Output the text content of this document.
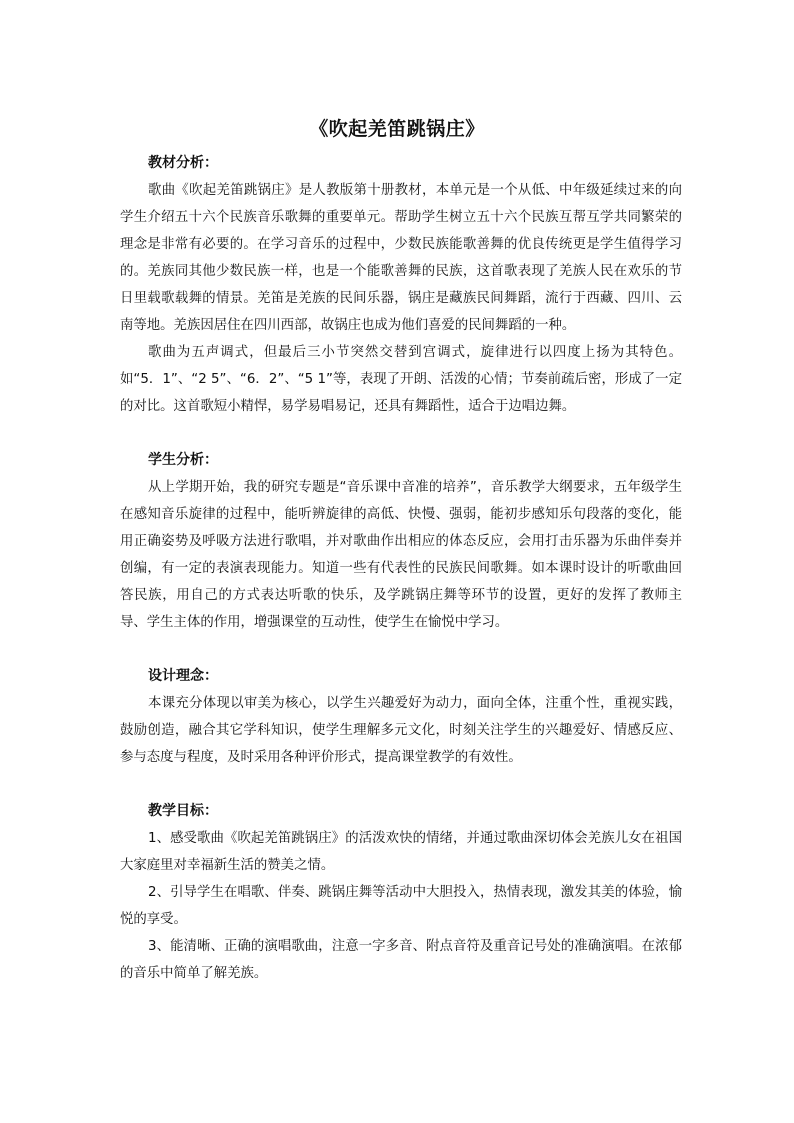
《吹起羌笛跳锅庄》

教材分析：

歌曲《吹起羌笛跳锅庄》是人教版第十册教材，本单元是一个从低、中年级延续过来的向学生介绍五十六个民族音乐歌舞的重要单元。帮助学生树立五十六个民族互帮互学共同繁荣的理念是非常有必要的。在学习音乐的过程中，少数民族能歌善舞的优良传统更是学生值得学习的。羌族同其他少数民族一样，也是一个能歌善舞的民族，这首歌表现了羌族人民在欢乐的节日里载歌载舞的情景。羌笛是羌族的民间乐器，锅庄是藏族民间舞蹈，流行于西藏、四川、云南等地。羌族因居住在四川西部，故锅庄也成为他们喜爱的民间舞蹈的一种。

歌曲为五声调式，但最后三小节突然交替到宫调式，旋律进行以四度上扬为其特色。如“5．1”、“2 5”、“6．2”、“5 1”等，表现了开朗、活泼的心情；节奏前疏后密，形成了一定的对比。这首歌短小精悍，易学易唱易记，还具有舞蹈性，适合于边唱边舞。

学生分析：

从上学期开始，我的研究专题是“音乐课中音准的培养”，音乐教学大纲要求，五年级学生在感知音乐旋律的过程中，能听辨旋律的高低、快慢、强弱，能初步感知乐句段落的变化，能用正确姿势及呼吸方法进行歌唱，并对歌曲作出相应的体态反应，会用打击乐器为乐曲伴奏并创编，有一定的表演表现能力。知道一些有代表性的民族民间歌舞。如本课时设计的听歌曲回答民族，用自己的方式表达听歌的快乐，及学跳锅庄舞等环节的设置，更好的发挥了教师主导、学生主体的作用，增强课堂的互动性，使学生在愉悦中学习。

设计理念：

本课充分体现以审美为核心，以学生兴趣爱好为动力，面向全体，注重个性，重视实践，鼓励创造，融合其它学科知识，使学生理解多元文化，时刻关注学生的兴趣爱好、情感反应、参与态度与程度，及时采用各种评价形式，提高课堂教学的有效性。

教学目标：

1、感受歌曲《吹起羌笛跳锅庄》的活泼欢快的情绪，并通过歌曲深切体会羌族儿女在祖国大家庭里对幸福新生活的赞美之情。

2、引导学生在唱歌、伴奏、跳锅庄舞等活动中大胆投入，热情表现，激发其美的体验，愉悦的享受。

3、能清晰、正确的演唱歌曲，注意一字多音、附点音符及重音记号处的准确演唱。在浓郁的音乐中简单了解羌族。
